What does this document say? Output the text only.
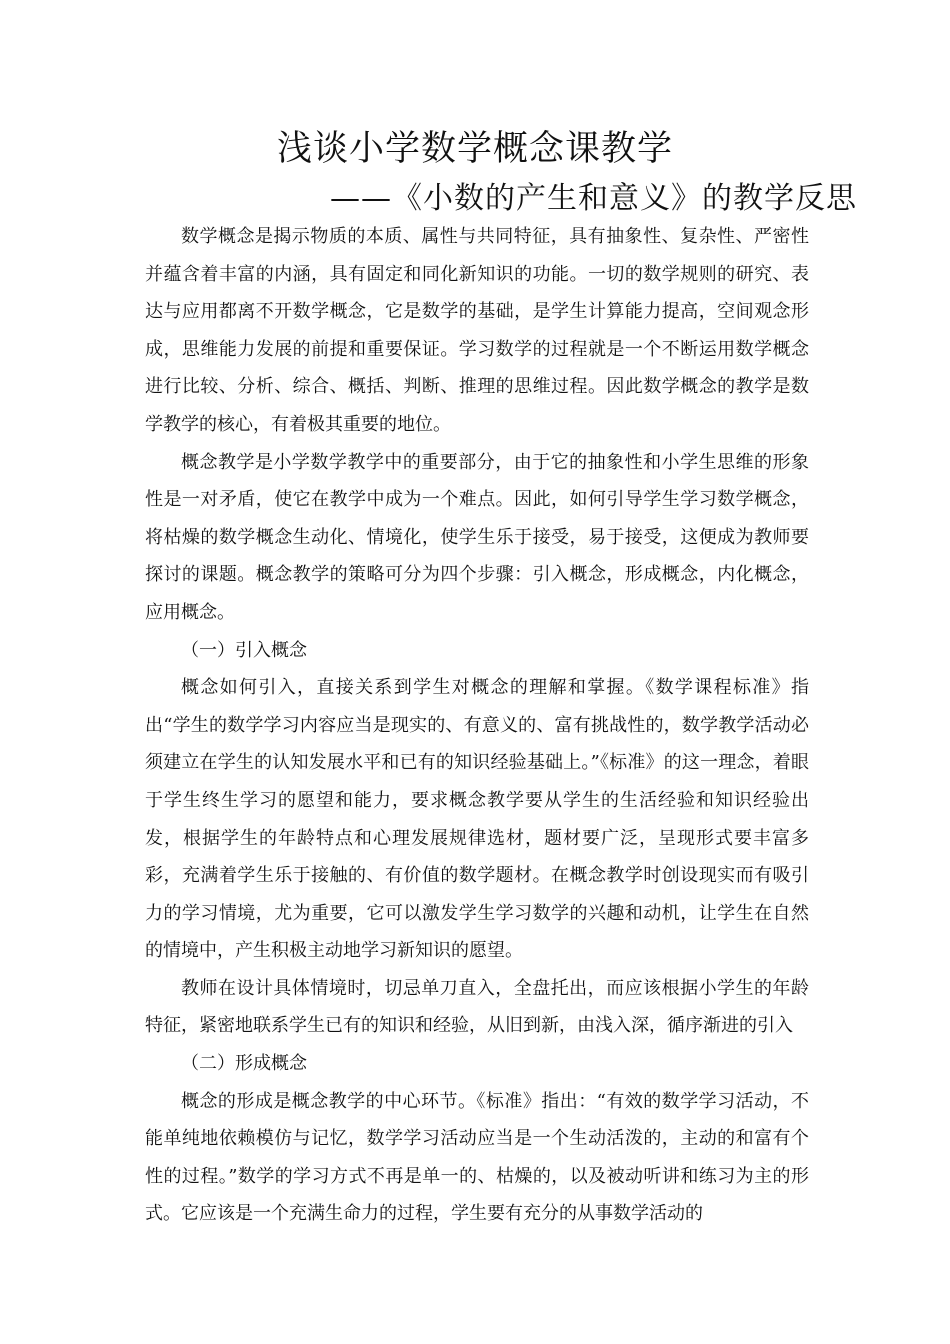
浅谈小学数学概念课教学
——《小数的产生和意义》的教学反思

数学概念是揭示物质的本质、属性与共同特征，具有抽象性、复杂性、严密性并蕴含着丰富的内涵，具有固定和同化新知识的功能。一切的数学规则的研究、表达与应用都离不开数学概念，它是数学的基础，是学生计算能力提高，空间观念形成，思维能力发展的前提和重要保证。学习数学的过程就是一个不断运用数学概念进行比较、分析、综合、概括、判断、推理的思维过程。因此数学概念的教学是数学教学的核心，有着极其重要的地位。

概念教学是小学数学教学中的重要部分，由于它的抽象性和小学生思维的形象性是一对矛盾，使它在教学中成为一个难点。因此，如何引导学生学习数学概念，将枯燥的数学概念生动化、情境化，使学生乐于接受，易于接受，这便成为教师要探讨的课题。概念教学的策略可分为四个步骤：引入概念，形成概念，内化概念，应用概念。

（一）引入概念

概念如何引入，直接关系到学生对概念的理解和掌握。《数学课程标准》指出“学生的数学学习内容应当是现实的、有意义的、富有挑战性的，数学教学活动必须建立在学生的认知发展水平和已有的知识经验基础上。”《标准》的这一理念，着眼于学生终生学习的愿望和能力，要求概念教学要从学生的生活经验和知识经验出发，根据学生的年龄特点和心理发展规律选材，题材要广泛，呈现形式要丰富多彩，充满着学生乐于接触的、有价值的数学题材。在概念教学时创设现实而有吸引力的学习情境，尤为重要，它可以激发学生学习数学的兴趣和动机，让学生在自然的情境中，产生积极主动地学习新知识的愿望。

教师在设计具体情境时，切忌单刀直入，全盘托出，而应该根据小学生的年龄特征，紧密地联系学生已有的知识和经验，从旧到新，由浅入深，循序渐进的引入

（二）形成概念

概念的形成是概念教学的中心环节。《标准》指出：“有效的数学学习活动，不能单纯地依赖模仿与记忆，数学学习活动应当是一个生动活泼的，主动的和富有个性的过程。”数学的学习方式不再是单一的、枯燥的，以及被动听讲和练习为主的形式。它应该是一个充满生命力的过程，学生要有充分的从事数学活动的
